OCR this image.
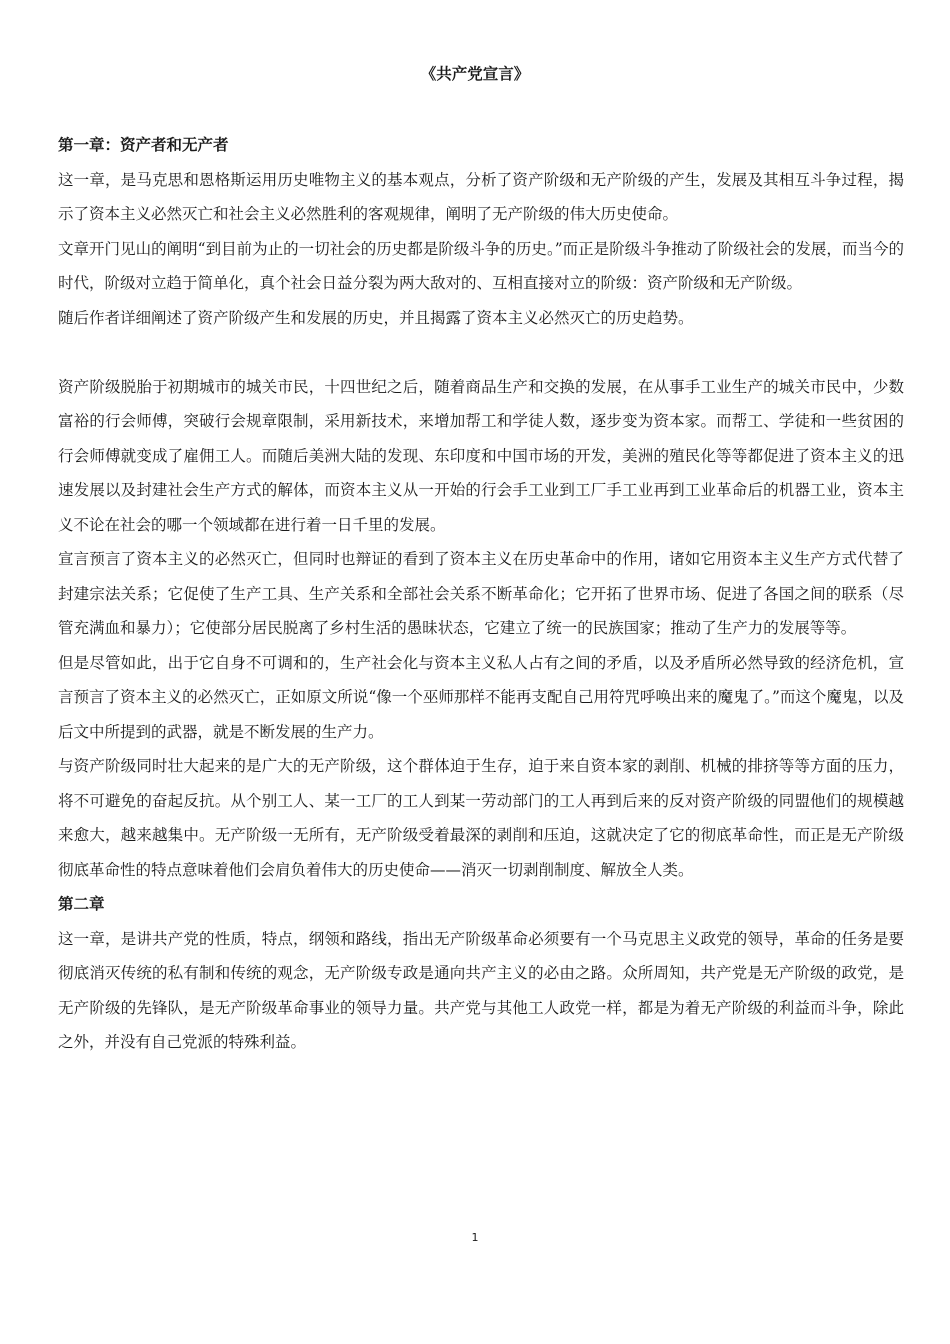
《共产党宣言》
第一章：资产者和无产者

这一章，是马克思和恩格斯运用历史唯物主义的基本观点，分析了资产阶级和无产阶级的产生，发展及其相互斗争过程，揭示了资本主义必然灭亡和社会主义必然胜利的客观规律，阐明了无产阶级的伟大历史使命。

文章开门见山的阐明“到目前为止的一切社会的历史都是阶级斗争的历史。”而正是阶级斗争推动了阶级社会的发展，而当今的时代，阶级对立趋于简单化，真个社会日益分裂为两大敌对的、互相直接对立的阶级：资产阶级和无产阶级。

随后作者详细阐述了资产阶级产生和发展的历史，并且揭露了资本主义必然灭亡的历史趋势。

资产阶级脱胎于初期城市的城关市民，十四世纪之后，随着商品生产和交换的发展，在从事手工业生产的城关市民中，少数富裕的行会师傅，突破行会规章限制，采用新技术，来增加帮工和学徒人数，逐步变为资本家。而帮工、学徒和一些贫困的行会师傅就变成了雇佣工人。而随后美洲大陆的发现、东印度和中国市场的开发，美洲的殖民化等等都促进了资本主义的迅速发展以及封建社会生产方式的解体，而资本主义从一开始的行会手工业到工厂手工业再到工业革命后的机器工业，资本主义不论在社会的哪一个领域都在进行着一日千里的发展。

宣言预言了资本主义的必然灭亡，但同时也辩证的看到了资本主义在历史革命中的作用，诸如它用资本主义生产方式代替了封建宗法关系；它促使了生产工具、生产关系和全部社会关系不断革命化；它开拓了世界市场、促进了各国之间的联系（尽管充满血和暴力）；它使部分居民脱离了乡村生活的愚昧状态，它建立了统一的民族国家；推动了生产力的发展等等。

但是尽管如此，出于它自身不可调和的，生产社会化与资本主义私人占有之间的矛盾，以及矛盾所必然导致的经济危机，宣言预言了资本主义的必然灭亡，正如原文所说“像一个巫师那样不能再支配自己用符咒呼唤出来的魔鬼了。”而这个魔鬼，以及后文中所提到的武器，就是不断发展的生产力。

与资产阶级同时壮大起来的是广大的无产阶级，这个群体迫于生存，迫于来自资本家的剥削、机械的排挤等等方面的压力，将不可避免的奋起反抗。从个别工人、某一工厂的工人到某一劳动部门的工人再到后来的反对资产阶级的同盟他们的规模越来愈大，越来越集中。无产阶级一无所有，无产阶级受着最深的剥削和压迫，这就决定了它的彻底革命性，而正是无产阶级彻底革命性的特点意味着他们会肩负着伟大的历史使命——消灭一切剥削制度、解放全人类。

第二章

这一章，是讲共产党的性质，特点，纲领和路线，指出无产阶级革命必须要有一个马克思主义政党的领导，革命的任务是要彻底消灭传统的私有制和传统的观念，无产阶级专政是通向共产主义的必由之路。众所周知，共产党是无产阶级的政党，是无产阶级的先锋队，是无产阶级革命事业的领导力量。共产党与其他工人政党一样，都是为着无产阶级的利益而斗争，除此之外，并没有自己党派的特殊利益。

1
